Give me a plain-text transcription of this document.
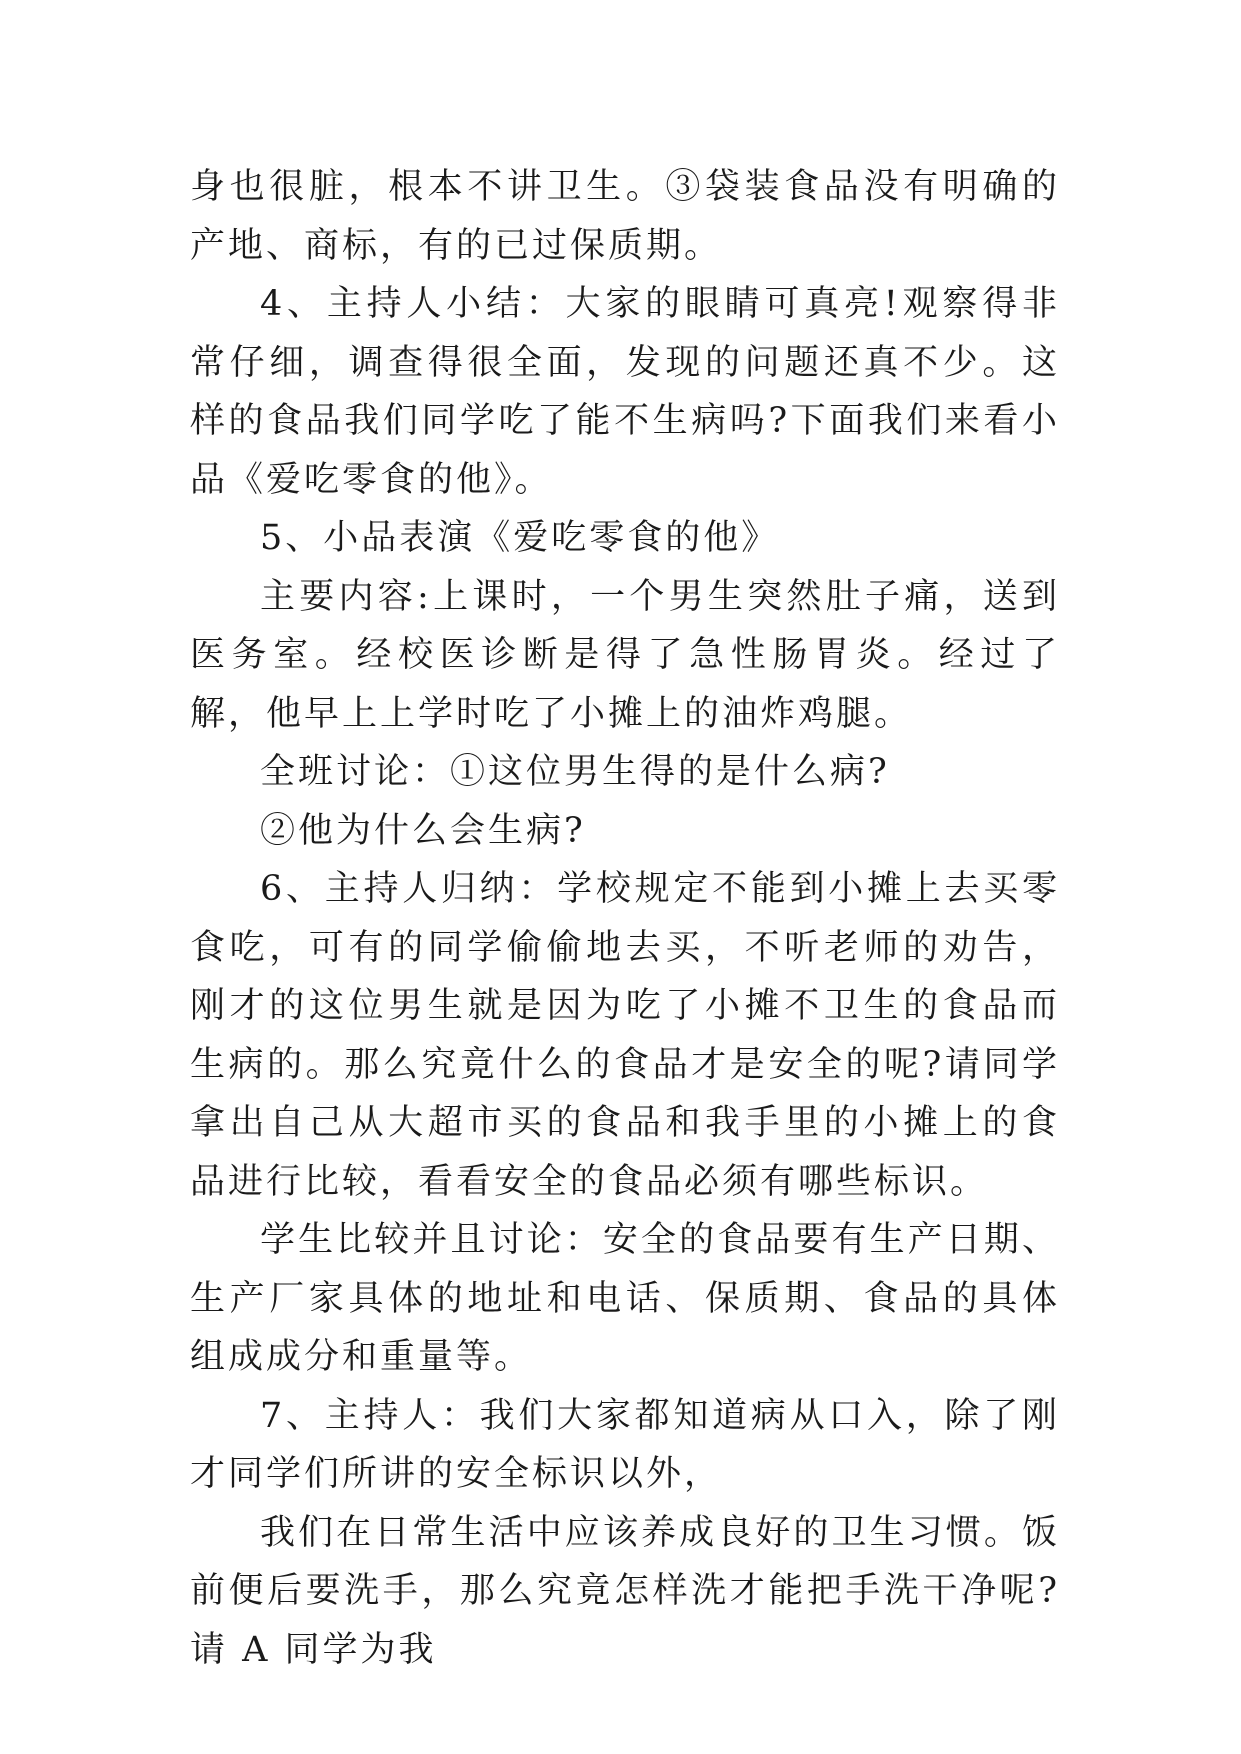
身也很脏，根本不讲卫生。③袋装食品没有明确的产地、商标，有的已过保质期。

4、主持人小结：大家的眼睛可真亮!观察得非常仔细，调查得很全面，发现的问题还真不少。这样的食品我们同学吃了能不生病吗?下面我们来看小品《爱吃零食的他》。

5、小品表演《爱吃零食的他》

主要内容:上课时，一个男生突然肚子痛，送到医务室。经校医诊断是得了急性肠胃炎。经过了解，他早上上学时吃了小摊上的油炸鸡腿。

全班讨论：①这位男生得的是什么病?

②他为什么会生病?

6、主持人归纳：学校规定不能到小摊上去买零食吃，可有的同学偷偷地去买，不听老师的劝告，刚才的这位男生就是因为吃了小摊不卫生的食品而生病的。那么究竟什么的食品才是安全的呢?请同学拿出自己从大超市买的食品和我手里的小摊上的食品进行比较，看看安全的食品必须有哪些标识。

学生比较并且讨论：安全的食品要有生产日期、生产厂家具体的地址和电话、保质期、食品的具体组成成分和重量等。

7、主持人：我们大家都知道病从口入，除了刚才同学们所讲的安全标识以外，

我们在日常生活中应该养成良好的卫生习惯。饭前便后要洗手，那么究竟怎样洗才能把手洗干净呢?请 A 同学为我
